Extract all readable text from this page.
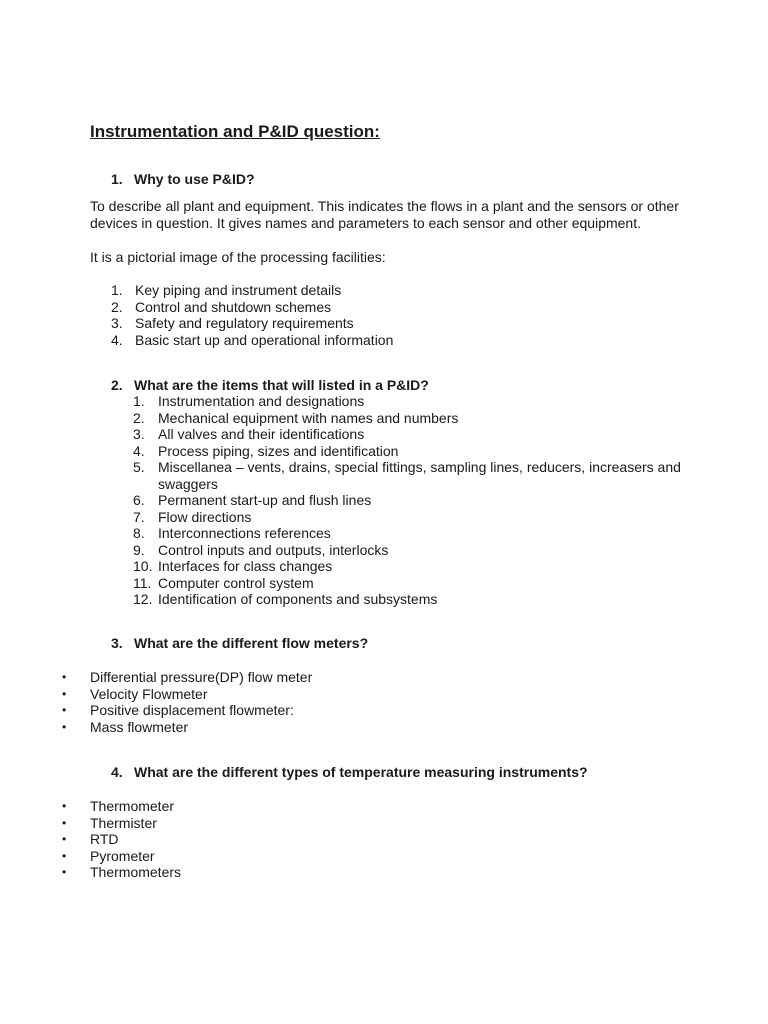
Instrumentation and P&ID question:

1. Why to use P&ID?

To describe all plant and equipment. This indicates the flows in a plant and the sensors or other devices in question. It gives names and parameters to each sensor and other equipment.

It is a pictorial image of the processing facilities:

1. Key piping and instrument details
2. Control and shutdown schemes
3. Safety and regulatory requirements
4. Basic start up and operational information

2. What are the items that will listed in a P&ID?

1. Instrumentation and designations
2. Mechanical equipment with names and numbers
3. All valves and their identifications
4. Process piping, sizes and identification
5. Miscellanea – vents, drains, special fittings, sampling lines, reducers, increasers and swaggers
6. Permanent start-up and flush lines
7. Flow directions
8. Interconnections references
9. Control inputs and outputs, interlocks
10. Interfaces for class changes
11. Computer control system
12. Identification of components and subsystems

3. What are the different flow meters?

•	Differential pressure(DP) flow meter
•	Velocity Flowmeter
•	Positive displacement flowmeter:
•	Mass flowmeter

4. What are the different types of temperature measuring instruments?

•	Thermometer
•	Thermister
•	RTD
•	Pyrometer
•	Thermometers
